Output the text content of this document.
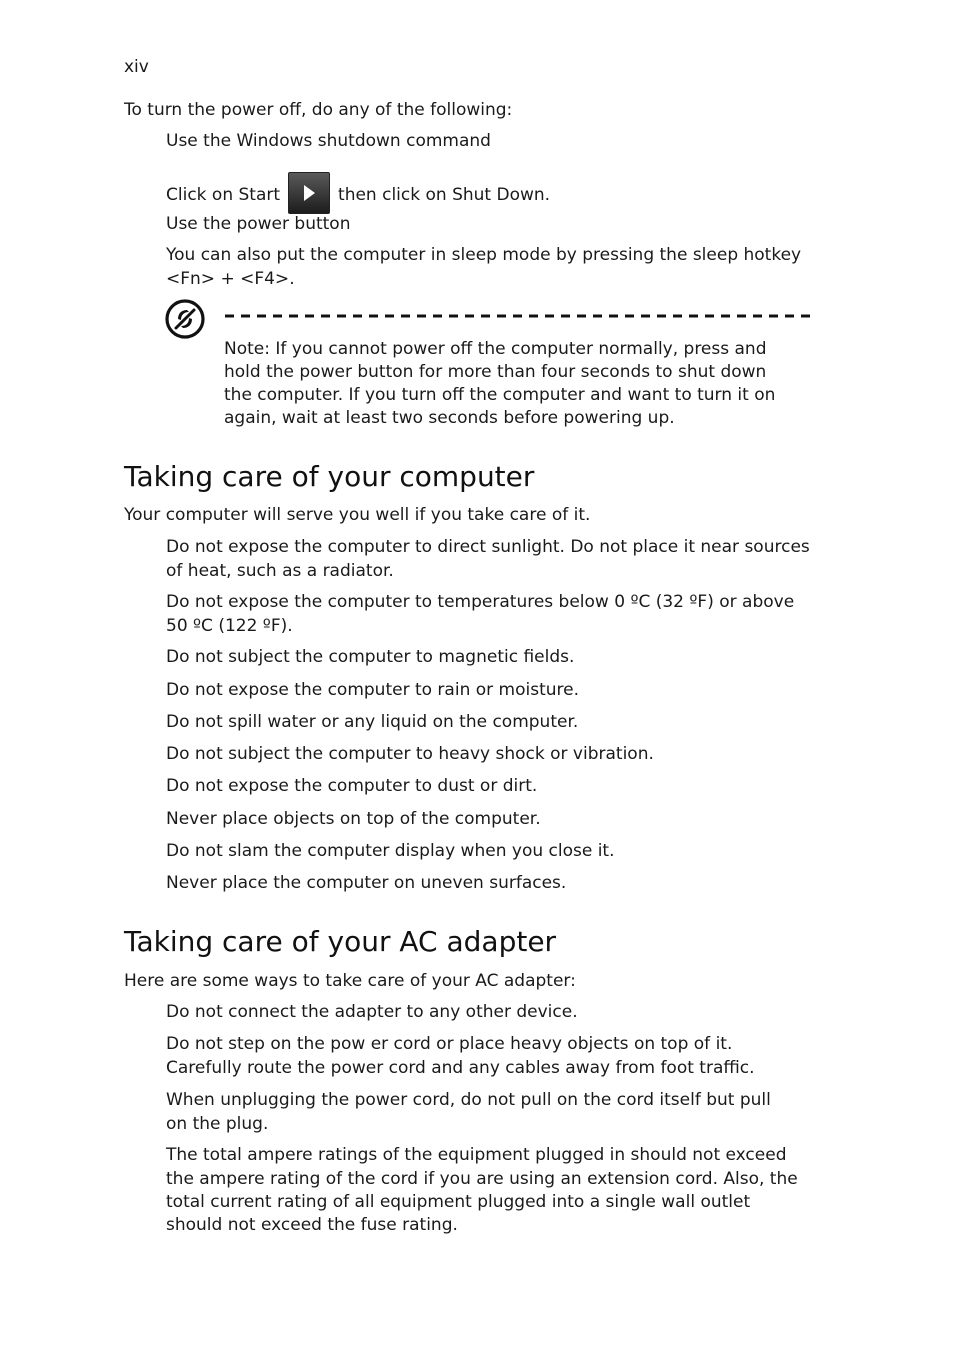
xiv
To turn the power off, do any of the following:
Use the Windows shutdown command
Click on Start	then click on Shut Down.
Use the power button
You can also put the computer in sleep mode by pressing the sleep hotkey
<Fn> + <F4>.
Note: If you cannot power off the computer normally, press and
hold the power button for more than four seconds to shut down
the computer. If you turn off the computer and want to turn it on
again, wait at least two seconds before powering up.
Taking care of your computer
Your computer will serve you well if you take care of it.
Do not expose the computer to direct sunlight. Do not place it near sources
of heat, such as a radiator.
Do not expose the computer to temperatures below 0 ºC (32 ºF) or above
50 ºC (122 ºF).
Do not subject the computer to magnetic fields.
Do not expose the computer to rain or moisture.
Do not spill water or any liquid on the computer.
Do not subject the computer to heavy shock or vibration.
Do not expose the computer to dust or dirt.
Never place objects on top of the computer.
Do not slam the computer display when you close it.
Never place the computer on uneven surfaces.
Taking care of your AC adapter
Here are some ways to take care of your AC adapter:
Do not connect the adapter to any other device.
Do not step on the pow er cord or place heavy objects on top of it.
Carefully route the power cord and any cables away from foot traffic.
When unplugging the power cord, do not pull on the cord itself but pull
on the plug.
The total ampere ratings of the equipment plugged in should not exceed
the ampere rating of the cord if you are using an extension cord. Also, the
total current rating of all equipment plugged into a single wall outlet
should not exceed the fuse rating.
